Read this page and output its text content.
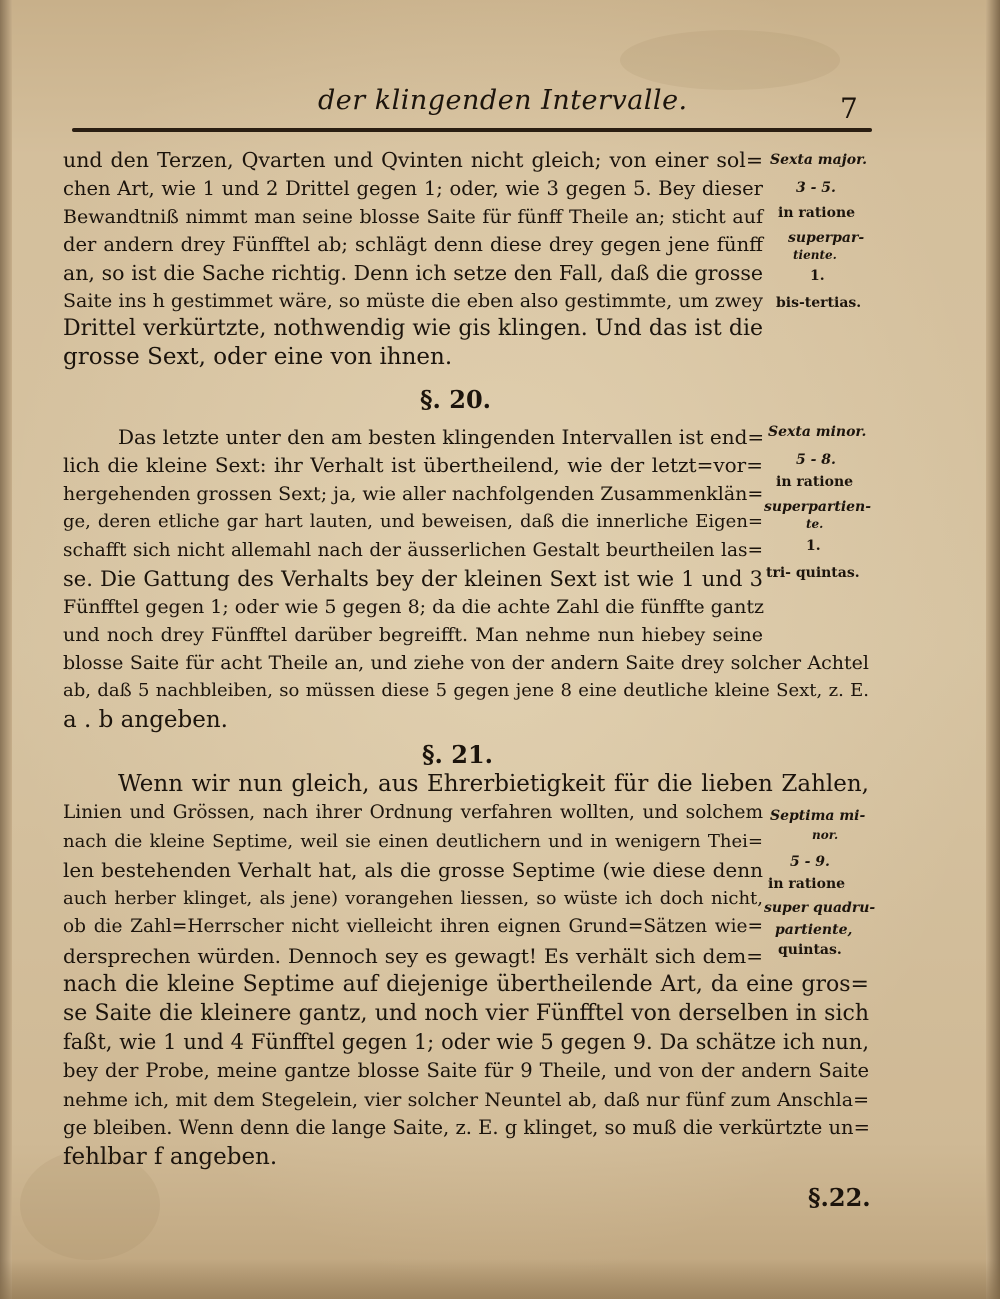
der klingenden Intervalle.	7
und den Terzen, Qvarten und Qvinten nicht gleich; von einer sol=
chen Art, wie 1 und 2 Drittel gegen 1; oder, wie 3 gegen 5. Bey dieser
Bewandtniß nimmt man seine blosse Saite für fünff Theile an; sticht auf
der andern drey Fünfftel ab; schlägt denn diese drey gegen jene fünff
an, so ist die Sache richtig. Denn ich setze den Fall, daß die grosse
Saite ins h gestimmet wäre, so müste die eben also gestimmte, um zwey
Drittel verkürtzte, nothwendig wie gis klingen. Und das ist die
grosse Sext, oder eine von ihnen.
§. 20.
Das letzte unter den am besten klingenden Intervallen ist end=
lich die kleine Sext: ihr Verhalt ist übertheilend, wie der letzt=vor=
hergehenden grossen Sext; ja, wie aller nachfolgenden Zusammenklän=
ge, deren etliche gar hart lauten, und beweisen, daß die innerliche Eigen=
schafft sich nicht allemahl nach der äusserlichen Gestalt beurtheilen las=
se. Die Gattung des Verhalts bey der kleinen Sext ist wie 1 und 3
Fünfftel gegen 1; oder wie 5 gegen 8; da die achte Zahl die fünffte gantz
und noch drey Fünfftel darüber begreifft. Man nehme nun hiebey seine
blosse Saite für acht Theile an, und ziehe von der andern Saite drey solcher Achtel
ab, daß 5 nachbleiben, so müssen diese 5 gegen jene 8 eine deutliche kleine Sext, z. E.
a . b angeben.
§. 21.
Wenn wir nun gleich, aus Ehrerbietigkeit für die lieben Zahlen,
Linien und Grössen, nach ihrer Ordnung verfahren wollten, und solchem
nach die kleine Septime, weil sie einen deutlichern und in wenigern Thei=
len bestehenden Verhalt hat, als die grosse Septime (wie diese denn
auch herber klinget, als jene) vorangehen liessen, so wüste ich doch nicht,
ob die Zahl=Herrscher nicht vielleicht ihren eignen Grund=Sätzen wie=
dersprechen würden. Dennoch sey es gewagt! Es verhält sich dem=
nach die kleine Septime auf diejenige übertheilende Art, da eine gros=
se Saite die kleinere gantz, und noch vier Fünfftel von derselben in sich
faßt, wie 1 und 4 Fünfftel gegen 1; oder wie 5 gegen 9. Da schätze ich nun,
bey der Probe, meine gantze blosse Saite für 9 Theile, und von der andern Saite
nehme ich, mit dem Stegelein, vier solcher Neuntel ab, daß nur fünf zum Anschla=
ge bleiben. Wenn denn die lange Saite, z. E. g klinget, so muß die verkürtzte un=
fehlbar f angeben.
§.22.
Sexta major.
3 - 5.
in ratione
superpar-
tiente.
1.
bis-tertias.
Sexta minor.
5 - 8.
in ratione
superpartien-
te.
1.
tri- quintas.
Septima mi-
nor.
5 - 9.
in ratione
super quadru-
partiente,
quintas.
